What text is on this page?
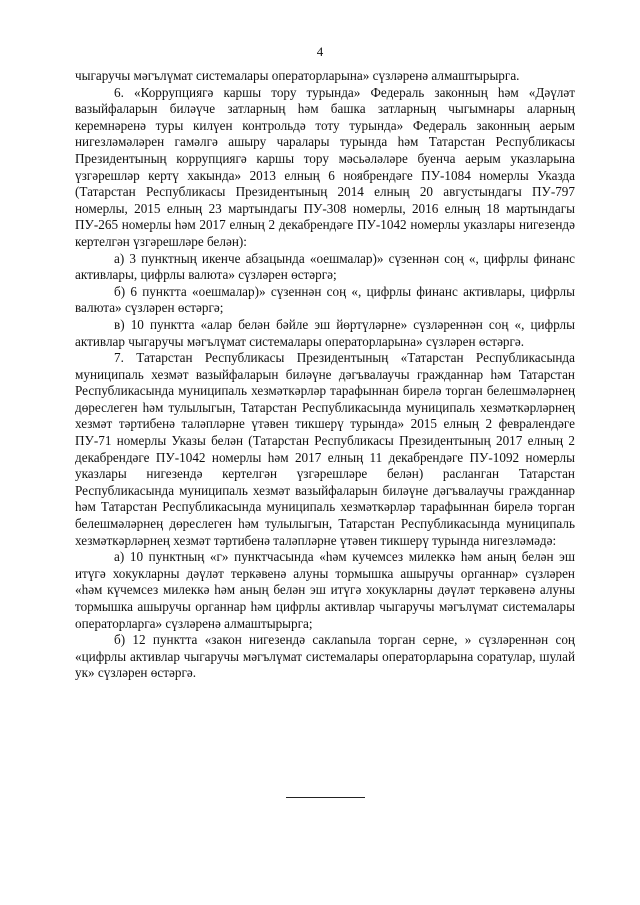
4

чыгаручы мәгълүмат системалары операторларына» сүзләренә алмаштырырга.

6. «Коррупциягә каршы тору турында» Федераль законның һәм «Дәүләт вазыйфаларын биләүче затларның һәм башка затларның чыгымнары аларның керемнәренә туры килүен контрольдә тоту турында» Федераль законның аерым нигезләмәләрен гамәлгә ашыру чаралары турында һәм Татарстан Республикасы Президентының коррупциягә каршы тору мәсьәләләре буенча аерым указларына үзгәрешләр кертү хакында» 2013 елның 6 ноябрендәге ПУ-1084 номерлы Указда (Татарстан Республикасы Президентының 2014 елның 20 августындагы ПУ-797 номерлы, 2015 елның 23 мартындагы ПУ-308 номерлы, 2016 елның 18 мартындагы ПУ-265 номерлы һәм 2017 елның 2 декабрендәге ПУ-1042 номерлы указлары нигезендә кертелгән үзгәрешләре белән):

а) 3 пунктның икенче абзацында «оешмалар)» сүзеннән соң «, цифрлы финанс активлары, цифрлы валюта» сүзләрен өстәргә;

б) 6 пунктта «оешмалар)» сүзеннән соң «, цифрлы финанс активлары, цифрлы валюта» сүзләрен өстәргә;

в) 10 пунктта «алар белән бәйле эш йөртүләрне» сүзләреннән соң «, цифрлы активлар чыгаручы мәгълүмат системалары операторларына» сүзләрен өстәргә.

7. Татарстан Республикасы Президентының «Татарстан Республикасында муниципаль хезмәт вазыйфаларын биләүне дәгъвалаучы гражданнар һәм Татарстан Республикасында муниципаль хезмәткәрләр тарафыннан бирелә торган белешмәләрнең дөреслеген һәм тулылыгын, Татарстан Республикасында муниципаль хезмәткәрләрнең хезмәт тәртибенә таләпләрне үтәвен тикшерү турында» 2015 елның 2 февралендәге ПУ-71 номерлы Указы белән (Татарстан Республикасы Президентының 2017 елның 2 декабрендәге ПУ-1042 номерлы һәм 2017 елның 11 декабрендәге ПУ-1092 номерлы указлары нигезендә кертелгән үзгәрешләре белән) расланган Татарстан Республикасында муниципаль хезмәт вазыйфаларын биләүне дәгъвалаучы гражданнар һәм Татарстан Республикасында муниципаль хезмәткәрләр тарафыннан бирелә торган белешмәләрнең дөреслеген һәм тулылыгын, Татарстан Республикасында муниципаль хезмәткәрләрнең хезмәт тәртибенә таләпләрне үтәвен тикшерү турында нигезләмәдә:

а) 10 пунктның «г» пунктчасында «һәм кучемсез милеккә һәм аның белән эш итүгә хокукларны дәүләт теркәвенә алуны тормышка ашыручы органнар» сүзләрен «һәм күчемсез милеккә һәм аның белән эш итүгә хокукларны дәүләт теркәвенә алуны тормышка ашыручы органнар һәм цифрлы активлар чыгаручы мәгълүмат системалары операторларга» сүзләренә алмаштырырга;

б) 12 пунктта «закон нигезендә саклаnыла торган серне, » сүзләреннән соң «цифрлы активлар чыгаручы мәгълүмат системалары операторларына соратулар, шулай ук» сүзләрен өстәргә.
